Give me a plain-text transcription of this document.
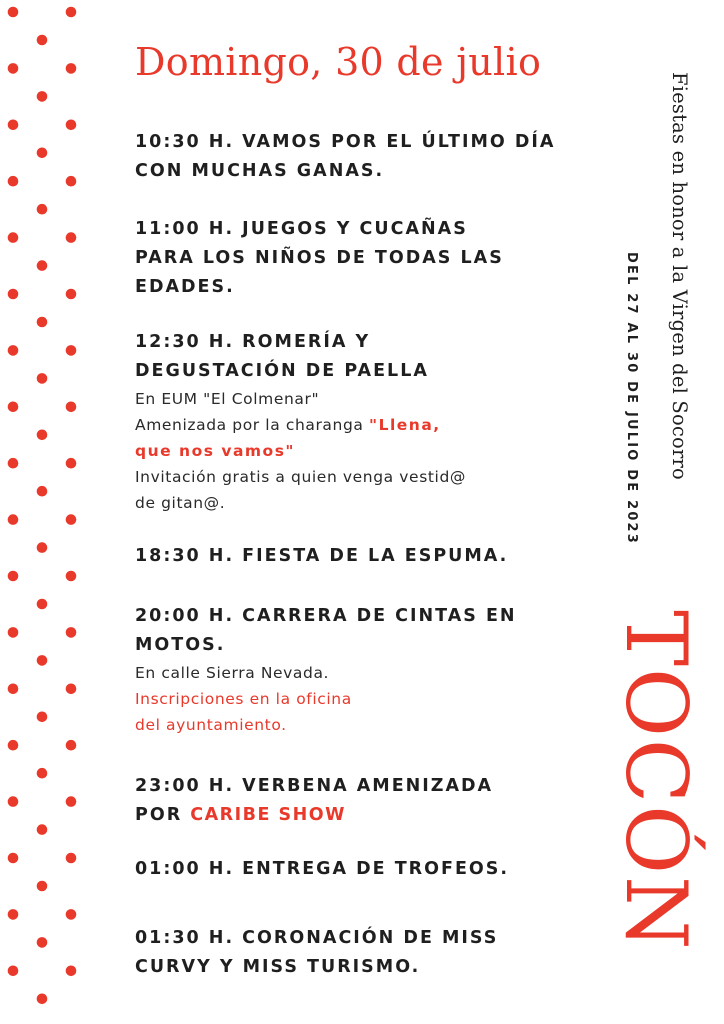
Domingo, 30 de julio
10:30 H. VAMOS POR EL ÚLTIMO DÍA
CON MUCHAS GANAS.
11:00 H. JUEGOS Y CUCAÑAS
PARA LOS NIÑOS DE TODAS LAS
EDADES.
12:30 H. ROMERÍA Y
DEGUSTACIÓN DE PAELLA
En EUM "El Colmenar"
Amenizada por la charanga "Llena,
que nos vamos"
Invitación gratis a quien venga vestid@
de gitan@.
18:30 H. FIESTA DE LA ESPUMA.
20:00 H. CARRERA DE CINTAS EN
MOTOS.
En calle Sierra Nevada.
Inscripciones en la oficina
del ayuntamiento.
23:00 H. VERBENA AMENIZADA
POR CARIBE SHOW
01:00 H. ENTREGA DE TROFEOS.
01:30 H. CORONACIÓN DE MISS
CURVY Y MISS TURISMO.
Fiestas en honor a la Virgen del Socorro
DEL 27 AL 30 DE JULIO DE 2023
TOCÓN
